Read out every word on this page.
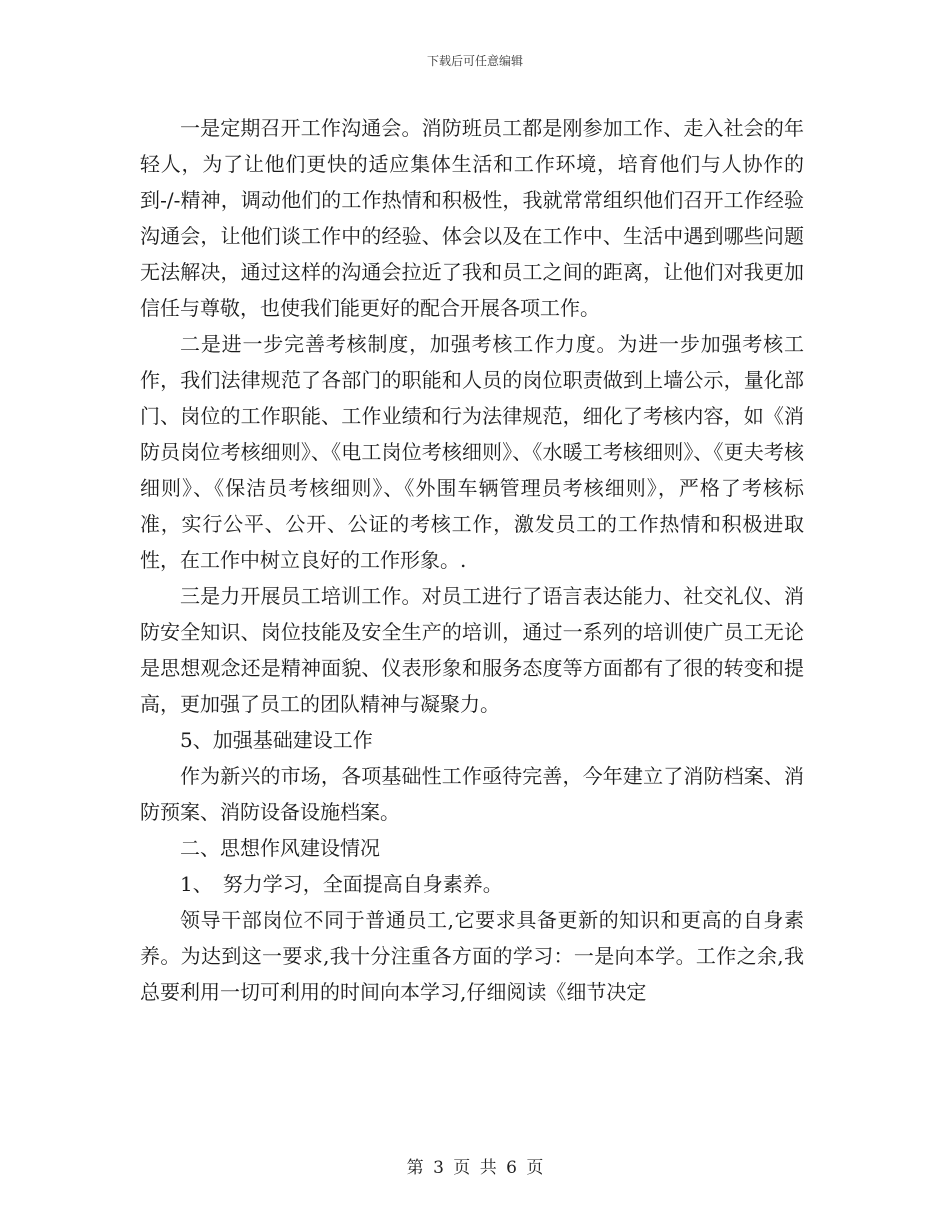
下载后可任意编辑

一是定期召开工作沟通会。消防班员工都是刚参加工作、走入社会的年轻人，为了让他们更快的适应集体生活和工作环境，培育他们与人协作的到-/-精神，调动他们的工作热情和积极性，我就常常组织他们召开工作经验沟通会，让他们谈工作中的经验、体会以及在工作中、生活中遇到哪些问题无法解决，通过这样的沟通会拉近了我和员工之间的距离，让他们对我更加信任与尊敬，也使我们能更好的配合开展各项工作。

二是进一步完善考核制度，加强考核工作力度。为进一步加强考核工作，我们法律规范了各部门的职能和人员的岗位职责做到上墙公示，量化部门、岗位的工作职能、工作业绩和行为法律规范，细化了考核内容，如《消防员岗位考核细则》、《电工岗位考核细则》、《水暖工考核细则》、《更夫考核细则》、《保洁员考核细则》、《外围车辆管理员考核细则》，严格了考核标准，实行公平、公开、公证的考核工作，激发员工的工作热情和积极进取性，在工作中树立良好的工作形象。.

三是力开展员工培训工作。对员工进行了语言表达能力、社交礼仪、消防安全知识、岗位技能及安全生产的培训，通过一系列的培训使广员工无论是思想观念还是精神面貌、仪表形象和服务态度等方面都有了很的转变和提高，更加强了员工的团队精神与凝聚力。

5、加强基础建设工作

作为新兴的市场，各项基础性工作亟待完善，今年建立了消防档案、消防预案、消防设备设施档案。

二、思想作风建设情况

1、　努力学习，全面提高自身素养。

领导干部岗位不同于普通员工,它要求具备更新的知识和更高的自身素养。为达到这一要求,我十分注重各方面的学习：一是向本学。工作之余,我总要利用一切可利用的时间向本学习,仔细阅读《细节决定

第 3 页 共 6 页
